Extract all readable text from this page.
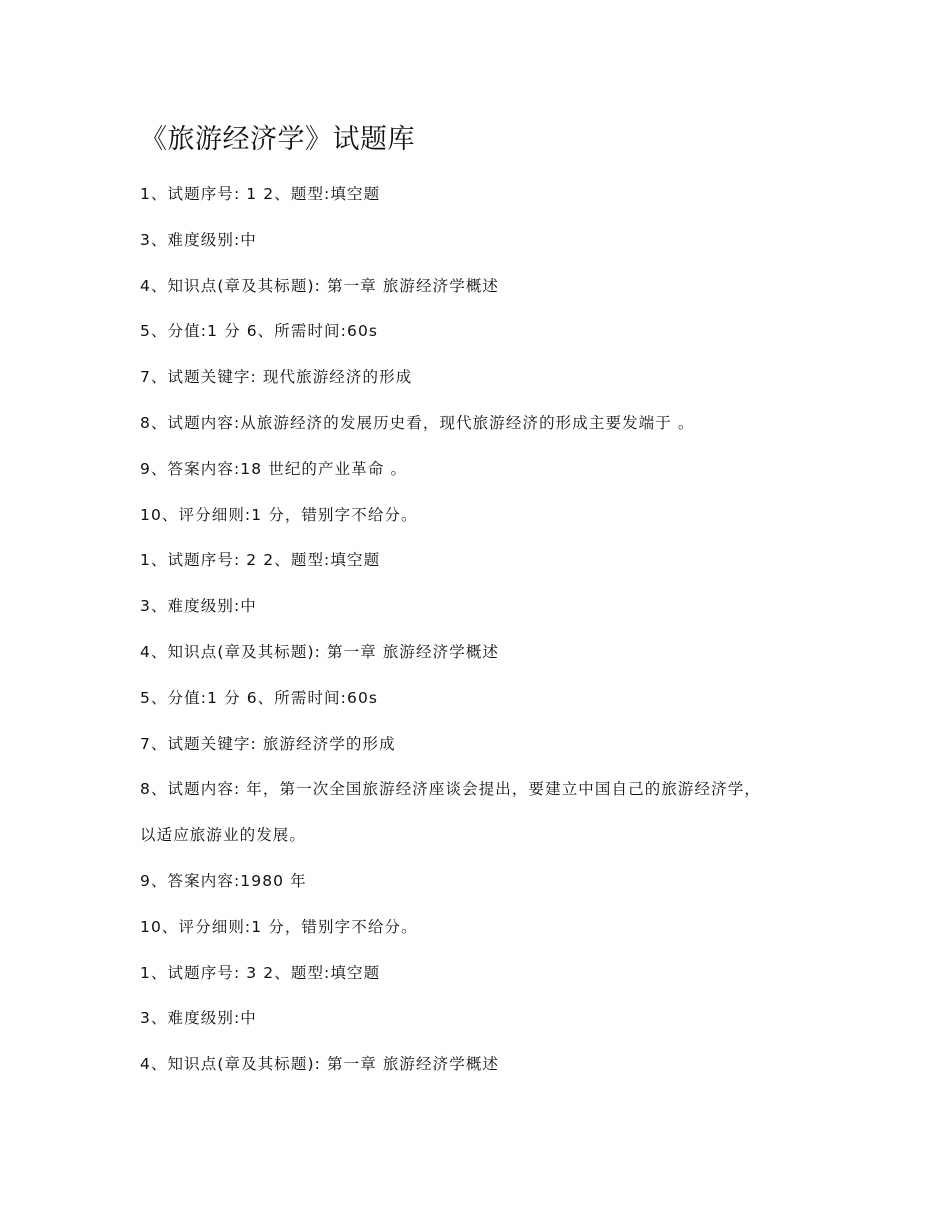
《旅游经济学》试题库
1、试题序号: 1 2、题型:填空题
3、难度级别:中
4、知识点(章及其标题): 第一章 旅游经济学概述
5、分值:1 分 6、所需时间:60s
7、试题关键字: 现代旅游经济的形成
8、试题内容:从旅游经济的发展历史看，现代旅游经济的形成主要发端于 。
9、答案内容:18 世纪的产业革命 。
10、评分细则:1 分，错别字不给分。
1、试题序号: 2 2、题型:填空题
3、难度级别:中
4、知识点(章及其标题): 第一章 旅游经济学概述
5、分值:1 分 6、所需时间:60s
7、试题关键字: 旅游经济学的形成
8、试题内容: 年，第一次全国旅游经济座谈会提出，要建立中国自己的旅游经济学，
以适应旅游业的发展。
9、答案内容:1980 年
10、评分细则:1 分，错别字不给分。
1、试题序号: 3 2、题型:填空题
3、难度级别:中
4、知识点(章及其标题): 第一章 旅游经济学概述
